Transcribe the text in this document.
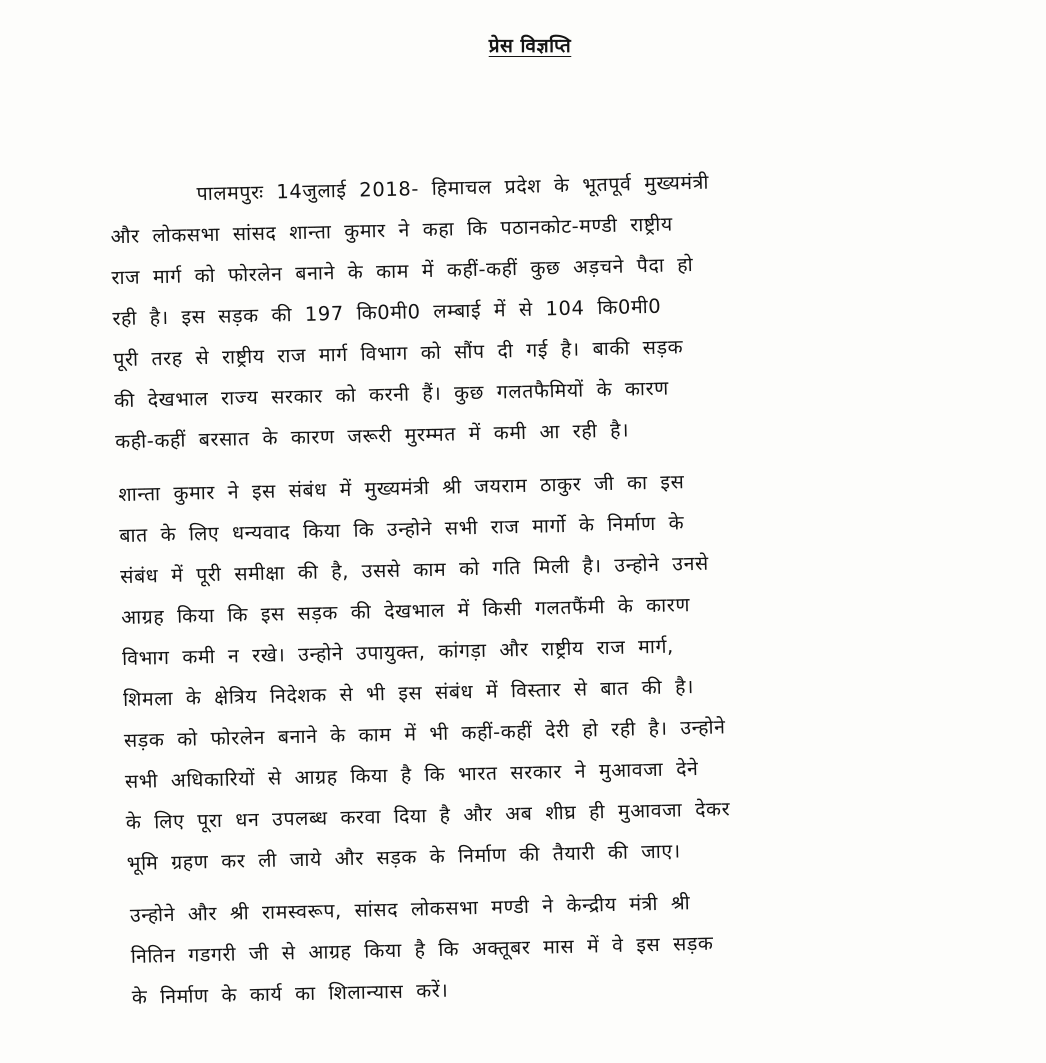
प्रेस विज्ञप्ति
पालमपुरः 14जुलाई 2018- हिमाचल प्रदेश के भूतपूर्व मुख्यमंत्री
और लोकसभा सांसद शान्ता कुमार ने कहा कि पठानकोट-मण्डी राष्ट्रीय
राज मार्ग को फोरलेन बनाने के काम में कहीं-कहीं कुछ अड़चने पैदा हो
रही है। इस सड़क की 197 कि0मी0 लम्बाई में से 104 कि0मी0
पूरी तरह से राष्ट्रीय राज मार्ग विभाग को सौंप दी गई है। बाकी सड़क
की देखभाल राज्य सरकार को करनी हैं। कुछ गलतफैमियों के कारण
कही-कहीं बरसात के कारण जरूरी मुरम्मत में कमी आ रही है।
शान्ता कुमार ने इस संबंध में मुख्यमंत्री श्री जयराम ठाकुर जी का इस
बात के लिए धन्यवाद किया कि उन्होने सभी राज मार्गो के निर्माण के
संबंध में पूरी समीक्षा की है, उससे काम को गति मिली है। उन्होने उनसे
आग्रह किया कि इस सड़क की देखभाल में किसी गलतफैंमी के कारण
विभाग कमी न रखे। उन्होने उपायुक्त, कांगड़ा और राष्ट्रीय राज मार्ग,
शिमला के क्षेत्रिय निदेशक से भी इस संबंध में विस्तार से बात की है।
सड़क को फोरलेन बनाने के काम में भी कहीं-कहीं देरी हो रही है। उन्होने
सभी अधिकारियों से आग्रह किया है कि भारत सरकार ने मुआवजा देने
के लिए पूरा धन उपलब्ध करवा दिया है और अब शीघ्र ही मुआवजा देकर
भूमि ग्रहण कर ली जाये और सड़क के निर्माण की तैयारी की जाए।
उन्होने और श्री रामस्वरूप, सांसद लोकसभा मण्डी ने केन्द्रीय मंत्री श्री
नितिन गडगरी जी से आग्रह किया है कि अक्तूबर मास में वे इस सड़क
के निर्माण के कार्य का शिलान्यास करें।
